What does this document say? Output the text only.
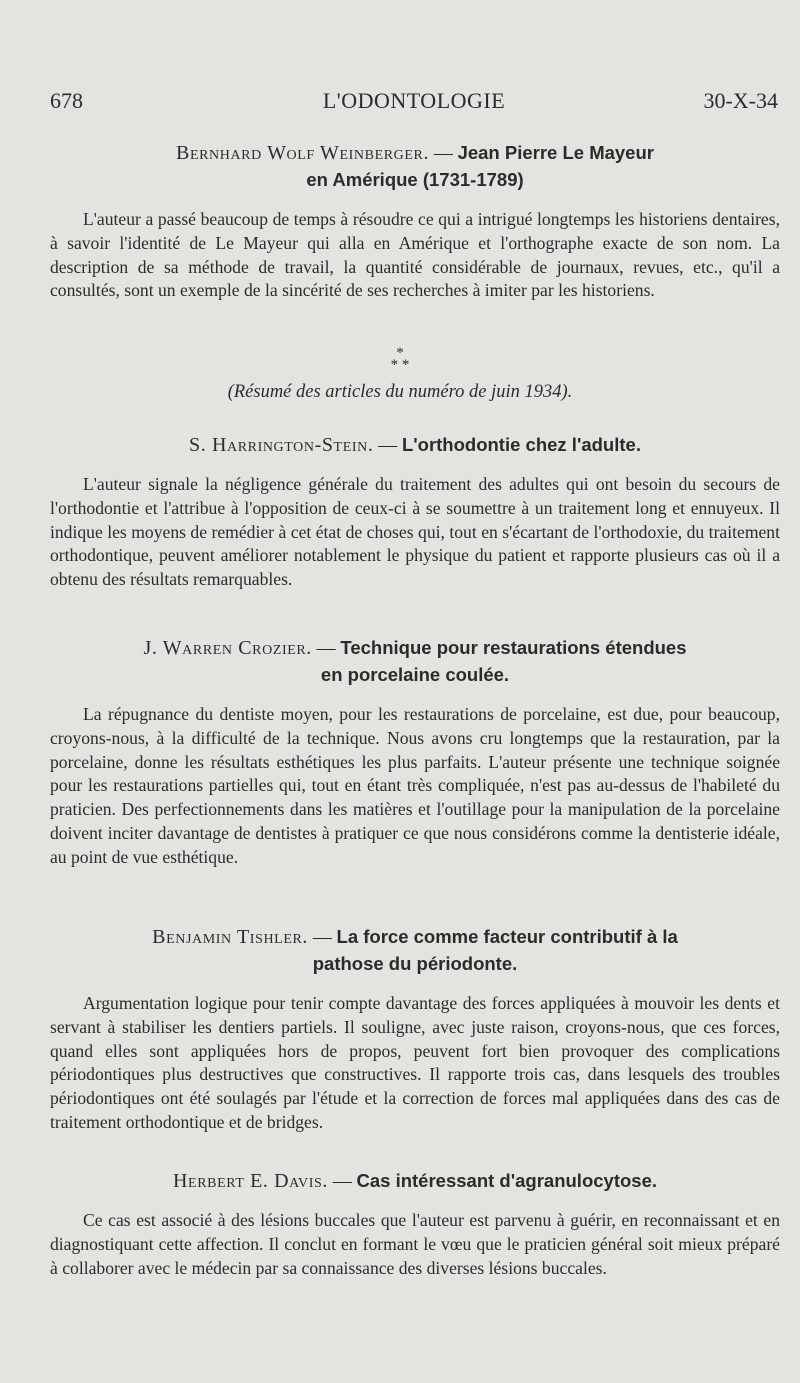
678	L'ODONTOLOGIE	30-X-34
Bernhard Wolf Weinberger. — Jean Pierre Le Mayeur
en Amérique (1731-1789)

L'auteur a passé beaucoup de temps à résoudre ce qui a intrigué longtemps les historiens dentaires, à savoir l'identité de Le Mayeur qui alla en Amérique et l'orthographe exacte de son nom. La description de sa méthode de travail, la quantité considérable de journaux, revues, etc., qu'il a consultés, sont un exemple de la sincérité de ses recherches à imiter par les historiens.

*
* *
(Résumé des articles du numéro de juin 1934).
S. Harrington-Stein. — L'orthodontie chez l'adulte.

L'auteur signale la négligence générale du traitement des adultes qui ont besoin du secours de l'orthodontie et l'attribue à l'opposition de ceux-ci à se soumettre à un traitement long et ennuyeux. Il indique les moyens de remédier à cet état de choses qui, tout en s'écartant de l'orthodoxie, du traitement orthodontique, peuvent améliorer notablement le physique du patient et rapporte plusieurs cas où il a obtenu des résultats remarquables.

J. Warren Crozier. — Technique pour restaurations étendues
en porcelaine coulée.

La répugnance du dentiste moyen, pour les restaurations de porcelaine, est due, pour beaucoup, croyons-nous, à la difficulté de la technique. Nous avons cru longtemps que la restauration, par la porcelaine, donne les résultats esthétiques les plus parfaits. L'auteur présente une technique soignée pour les restaurations partielles qui, tout en étant très compliquée, n'est pas au-dessus de l'habileté du praticien. Des perfectionnements dans les matières et l'outillage pour la manipulation de la porcelaine doivent inciter davantage de dentistes à pratiquer ce que nous considérons comme la dentisterie idéale, au point de vue esthétique.

Benjamin Tishler. — La force comme facteur contributif à la
pathose du périodonte.

Argumentation logique pour tenir compte davantage des forces appliquées à mouvoir les dents et servant à stabiliser les dentiers partiels. Il souligne, avec juste raison, croyons-nous, que ces forces, quand elles sont appliquées hors de propos, peuvent fort bien provoquer des complications périodontiques plus destructives que constructives. Il rapporte trois cas, dans lesquels des troubles périodontiques ont été soulagés par l'étude et la correction de forces mal appliquées dans des cas de traitement orthodontique et de bridges.

Herbert E. Davis. — Cas intéressant d'agranulocytose.

Ce cas est associé à des lésions buccales que l'auteur est parvenu à guérir, en reconnaissant et en diagnostiquant cette affection. Il conclut en formant le vœu que le praticien général soit mieux préparé à collaborer avec le médecin par sa connaissance des diverses lésions buccales.
